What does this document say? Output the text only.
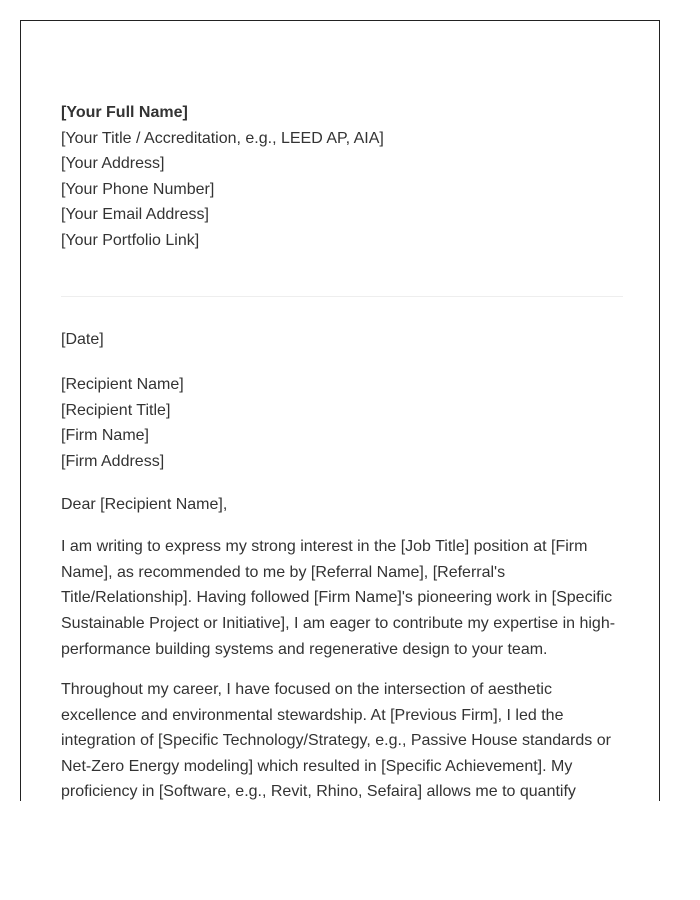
[Your Full Name]
[Your Title / Accreditation, e.g., LEED AP, AIA]
[Your Address]
[Your Phone Number]
[Your Email Address]
[Your Portfolio Link]
[Date]
[Recipient Name]
[Recipient Title]
[Firm Name]
[Firm Address]
Dear [Recipient Name],

I am writing to express my strong interest in the [Job Title] position at [Firm Name], as recommended to me by [Referral Name], [Referral's Title/Relationship]. Having followed [Firm Name]'s pioneering work in [Specific Sustainable Project or Initiative], I am eager to contribute my expertise in high-performance building systems and regenerative design to your team.

Throughout my career, I have focused on the intersection of aesthetic excellence and environmental stewardship. At [Previous Firm], I led the integration of [Specific Technology/Strategy, e.g., Passive House standards or Net-Zero Energy modeling] which resulted in [Specific Achievement]. My proficiency in [Software, e.g., Revit, Rhino, Sefaira] allows me to quantify
